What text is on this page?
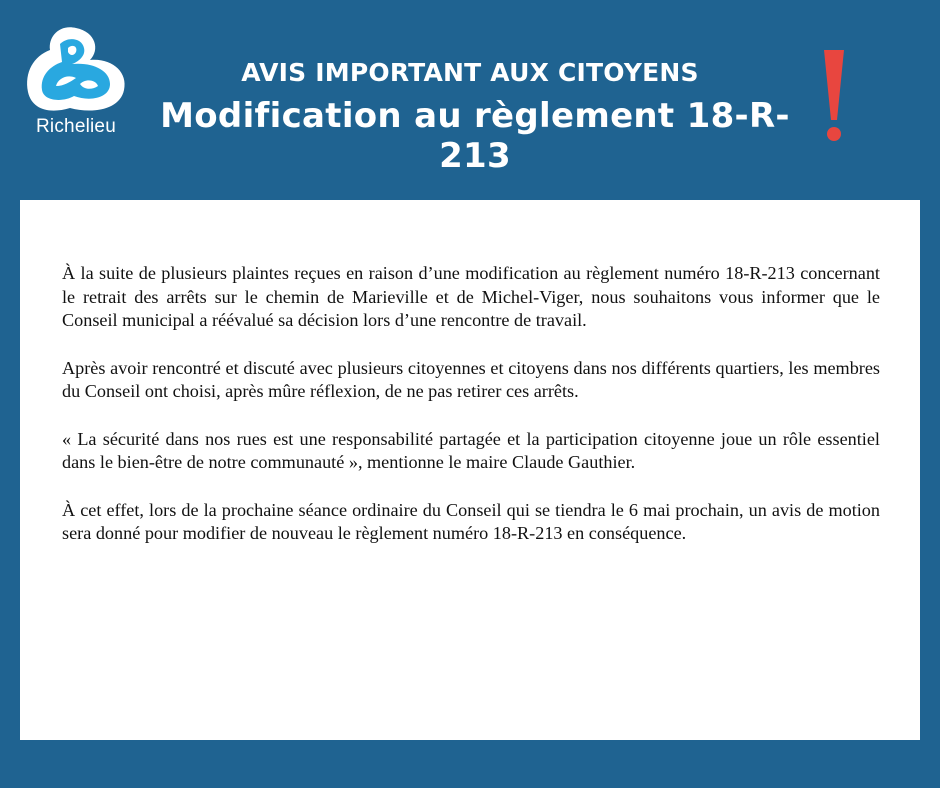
Richelieu
AVIS IMPORTANT AUX CITOYENS
Modification au règlement 18-R-213

À la suite de plusieurs plaintes reçues en raison d’une modification au règlement numéro 18-R-213 concernant le retrait des arrêts sur le chemin de Marieville et de Michel-Viger, nous souhaitons vous informer que le Conseil municipal a réévalué sa décision lors d’une rencontre de travail.

Après avoir rencontré et discuté avec plusieurs citoyennes et citoyens dans nos différents quartiers, les membres du Conseil ont choisi, après mûre réflexion, de ne pas retirer ces arrêts.

« La sécurité dans nos rues est une responsabilité partagée et la participation citoyenne joue un rôle essentiel dans le bien-être de notre communauté », mentionne le maire Claude Gauthier.

À cet effet, lors de la prochaine séance ordinaire du Conseil qui se tiendra le 6 mai prochain, un avis de motion sera donné pour modifier de nouveau le règlement numéro 18-R-213 en conséquence.
